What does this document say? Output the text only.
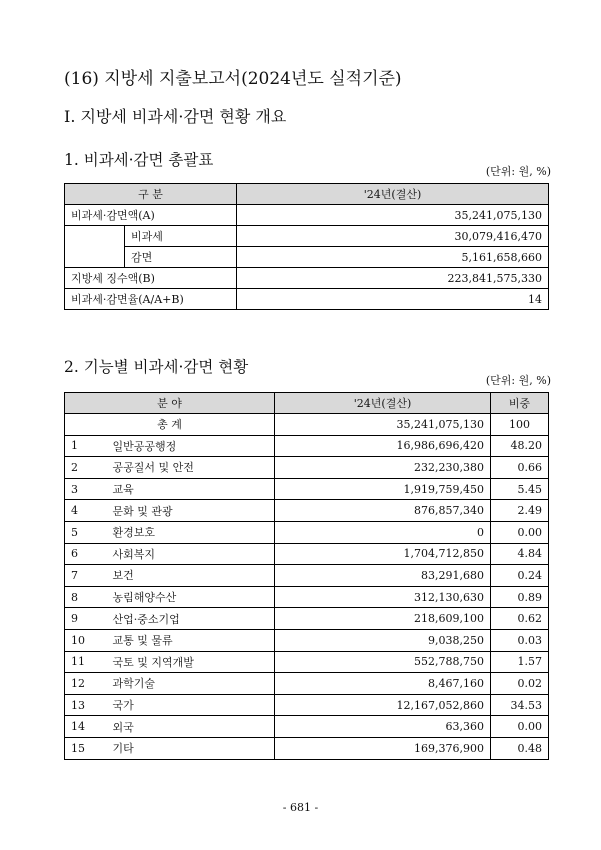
(16) 지방세 지출보고서(2024년도 실적기준)
Ⅰ. 지방세 비과세·감면 현황 개요
1. 비과세·감면 총괄표
(단위: 원, %)
구 분		'24년(결산)
비과세·감면액(A)		35,241,075,130
	비과세	30,079,416,470
	감면	5,161,658,660
지방세 징수액(B)		223,841,575,330
비과세·감면율(A/A+B)		14
2. 기능별 비과세·감면 현황
(단위: 원, %)
분 야		'24년(결산)	비중
총 계		35,241,075,130	100
1	일반공공행정	16,986,696,420	48.20
2	공공질서 및 안전	232,230,380	0.66
3	교육	1,919,759,450	5.45
4	문화 및 관광	876,857,340	2.49
5	환경보호	0	0.00
6	사회복지	1,704,712,850	4.84
7	보건	83,291,680	0.24
8	농림해양수산	312,130,630	0.89
9	산업·중소기업	218,609,100	0.62
10	교통 및 물류	9,038,250	0.03
11	국토 및 지역개발	552,788,750	1.57
12	과학기술	8,467,160	0.02
13	국가	12,167,052,860	34.53
14	외국	63,360	0.00
15	기타	169,376,900	0.48
- 681 -
